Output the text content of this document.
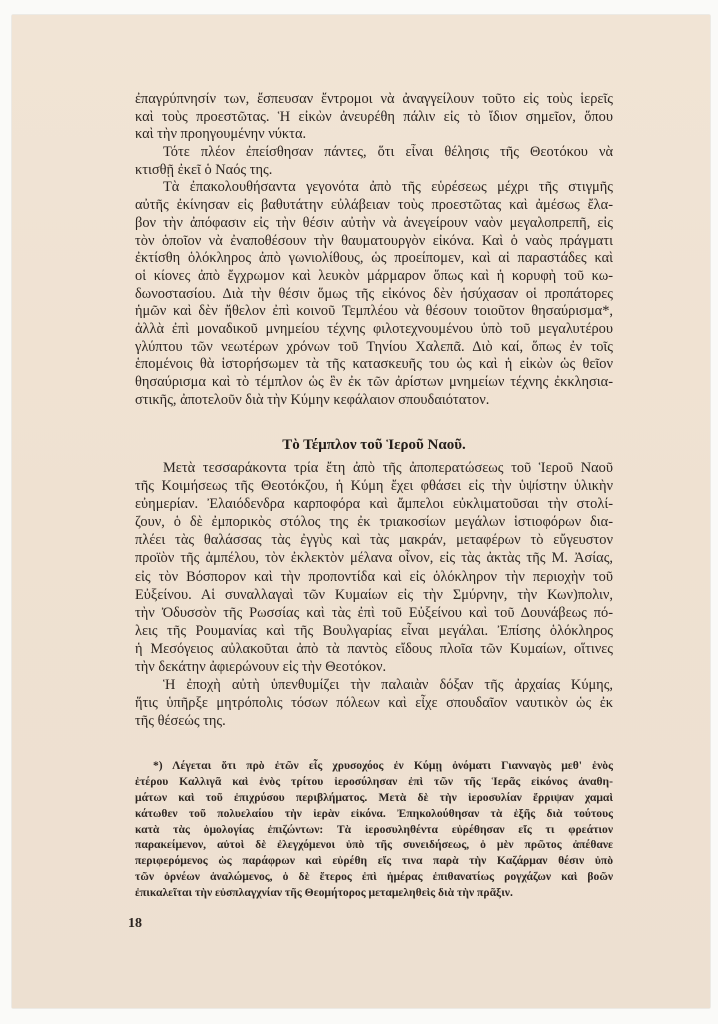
ἐπαγρύπνησίν των, ἔσπευσαν ἔντρομοι νὰ ἀναγγείλουν τοῦτο εἰς τοὺς ἱερεῖς
καὶ τοὺς προεστῶτας. Ἡ εἰκὼν ἀνευρέθη πάλιν εἰς τὸ ἴδιον σημεῖον, ὅπου
καὶ τὴν προηγουμένην νύκτα.
Τότε πλέον ἐπείσθησαν πάντες, ὅτι εἶναι θέλησις τῆς Θεοτόκου νὰ
κτισθῇ ἐκεῖ ὁ Ναός της.
Τὰ ἐπακολουθήσαντα γεγονότα ἀπὸ τῆς εὑρέσεως μέχρι τῆς στιγμῆς
αὐτῆς ἐκίνησαν εἰς βαθυτάτην εὐλάβειαν τοὺς προεστῶτας καὶ ἀμέσως ἔλα-
βον τὴν ἀπόφασιν εἰς τὴν θέσιν αὐτὴν νὰ ἀνεγείρουν ναὸν μεγαλοπρεπῆ, εἰς
τὸν ὁποῖον νὰ ἐναποθέσουν τὴν θαυματουργὸν εἰκόνα. Καὶ ὁ ναὸς πράγματι
ἐκτίσθη ὁλόκληρος ἀπὸ γωνιολίθους, ὡς προείπομεν, καὶ αἱ παραστάδες καὶ
οἱ κίονες ἀπὸ ἔγχρωμον καὶ λευκὸν μάρμαρον ὅπως καὶ ἡ κορυφὴ τοῦ κω-
δωνοστασίου. Διὰ τὴν θέσιν ὅμως τῆς εἰκόνος δὲν ἡσύχασαν οἱ προπάτορες
ἡμῶν καὶ δὲν ἤθελον ἐπὶ κοινοῦ Τεμπλέου νὰ θέσουν τοιοῦτον θησαύρισμα*,
ἀλλὰ ἐπὶ μοναδικοῦ μνημείου τέχνης φιλοτεχνουμένου ὑπὸ τοῦ μεγαλυτέρου
γλύπτου τῶν νεωτέρων χρόνων τοῦ Τηνίου Χαλεπᾶ. Διὸ καί, ὅπως ἐν τοῖς
ἑπομένοις θὰ ἱστορήσωμεν τὰ τῆς κατασκευῆς του ὡς καὶ ἡ εἰκὼν ὡς θεῖον
θησαύρισμα καὶ τὸ τέμπλον ὡς ἓν ἐκ τῶν ἀρίστων μνημείων τέχνης ἐκκλησια-
στικῆς, ἀποτελοῦν διὰ τὴν Κύμην κεφάλαιον σπουδαιότατον.
Τὸ Τέμπλον τοῦ Ἱεροῦ Ναοῦ.
Μετὰ τεσσαράκοντα τρία ἔτη ἀπὸ τῆς ἀποπερατώσεως τοῦ Ἱεροῦ Ναοῦ
τῆς Κοιμήσεως τῆς Θεοτόκζου, ἡ Κύμη ἔχει φθάσει εἰς τὴν ὑψίστην ὑλικὴν
εὐημερίαν. Ἐλαιόδενδρα καρποφόρα καὶ ἄμπελοι εὐκλιματοῦσαι τὴν στολί-
ζουν, ὁ δὲ ἐμπορικὸς στόλος της ἐκ τριακοσίων μεγάλων ἱστιοφόρων δια-
πλέει τὰς θαλάσσας τὰς ἐγγὺς καὶ τὰς μακράν, μεταφέρων τὸ εὔγευστον
προϊὸν τῆς ἀμπέλου, τὸν ἐκλεκτὸν μέλανα οἶνον, εἰς τὰς ἀκτὰς τῆς Μ. Ἀσίας,
εἰς τὸν Βόσπορον καὶ τὴν προποντίδα καὶ εἰς ὁλόκληρον τὴν περιοχὴν τοῦ
Εὐξείνου. Αἱ συναλλαγαὶ τῶν Κυμαίων εἰς τὴν Σμύρνην, τὴν Κων)πολιν,
τὴν Ὀδυσσὸν τῆς Ρωσσίας καὶ τὰς ἐπὶ τοῦ Εὐξείνου καὶ τοῦ Δουνάβεως πό-
λεις τῆς Ρουμανίας καὶ τῆς Βουλγαρίας εἶναι μεγάλαι. Ἐπίσης ὁλόκληρος
ἡ Μεσόγειος αὐλακοῦται ἀπὸ τὰ παντὸς εἴδους πλοῖα τῶν Κυμαίων, οἵτινες
τὴν δεκάτην ἀφιερώνουν εἰς τὴν Θεοτόκον.
Ἡ ἐποχὴ αὐτὴ ὑπενθυμίζει τὴν παλαιὰν δόξαν τῆς ἀρχαίας Κύμης,
ἥτις ὑπῆρξε μητρόπολις τόσων πόλεων καὶ εἶχε σπουδαῖον ναυτικὸν ὡς ἐκ
τῆς θέσεώς της.
*) Λέγεται ὅτι πρὸ ἐτῶν εἷς χρυσοχόος ἐν Κύμῃ ὀνόματι Γιανναγὸς μεθ' ἑνὸς
ἑτέρου Καλλιγᾶ καὶ ἑνὸς τρίτου ἱεροσύλησαν ἐπὶ τῶν τῆς Ἱερᾶς εἰκόνος ἀναθη-
μάτων καὶ τοῦ ἐπιχρύσου περιβλήματος. Μετὰ δὲ τὴν ἱεροσυλίαν ἔρριψαν χαμαὶ
κάτωθεν τοῦ πολυελαίου τὴν ἱερὰν εἰκόνα. Ἐπηκολούθησαν τὰ ἑξῆς διὰ τούτους
κατὰ τὰς ὁμολογίας ἐπιζώντων: Τὰ ἱεροσυληθέντα εὑρέθησαν εἴς τι φρεάτιον
παρακείμενον, αὐτοὶ δὲ ἐλεγχόμενοι ὑπὸ τῆς συνειδήσεως, ὁ μὲν πρῶτος ἀπέθανε
περιφερόμενος ὡς παράφρων καὶ εὑρέθη εἴς τινα παρὰ τὴν Καζάρμαν θέσιν ὑπὸ
τῶν ὀρνέων ἀναλώμενος, ὁ δὲ ἕτερος ἐπὶ ἡμέρας ἐπιθανατίως ρογχάζων καὶ βοῶν
ἐπικαλεῖται τὴν εὐσπλαγχνίαν τῆς Θεομήτορος μεταμεληθεὶς διὰ τὴν πρᾶξιν.
18
